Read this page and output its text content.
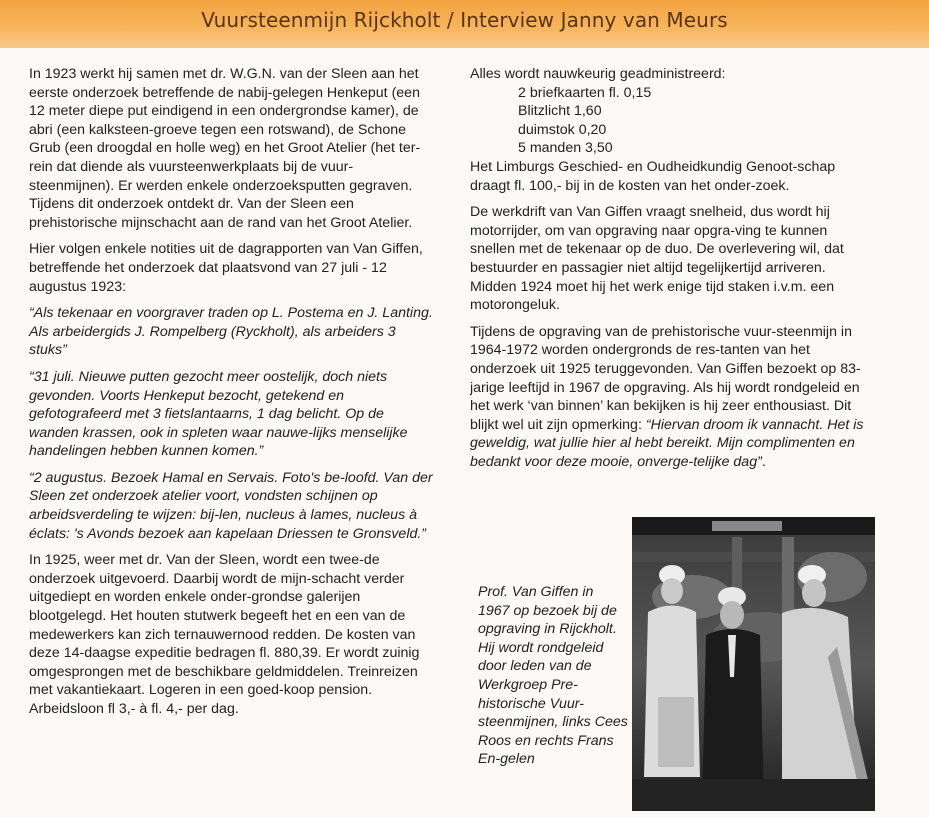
Vuursteenmijn Rijckholt / Interview Janny van Meurs

In 1923 werkt hij samen met dr. W.G.N. van der Sleen aan het eerste onderzoek betreffende de nabij-gelegen Henkeput (een 12 meter diepe put eindigend in een ondergrondse kamer), de abri (een kalksteen-groeve tegen een rotswand), de Schone Grub (een droogdal en holle weg) en het Groot Atelier (het ter-rein dat diende als vuursteenwerkplaats bij de vuur-steenmijnen). Er werden enkele onderzoeksputten gegraven. Tijdens dit onderzoek ontdekt dr. Van der Sleen een prehistorische mijnschacht aan de rand van het Groot Atelier.

Hier volgen enkele notities uit de dagrapporten van Van Giffen, betreffende het onderzoek dat plaatsvond van 27 juli - 12 augustus 1923:

“Als tekenaar en voorgraver traden op L. Postema en J. Lanting. Als arbeidergids J. Rompelberg (Ryckholt), als arbeiders 3 stuks”

“31 juli. Nieuwe putten gezocht meer oostelijk, doch niets gevonden. Voorts Henkeput bezocht, getekend en gefotografeerd met 3 fietslantaarns, 1 dag belicht. Op de wanden krassen, ook in spleten waar nauwe-lijks menselijke handelingen hebben kunnen komen.”

“2 augustus. Bezoek Hamal en Servais. Foto's be-loofd. Van der Sleen zet onderzoek atelier voort, vondsten schijnen op arbeidsverdeling te wijzen: bij-len, nucleus à lames, nucleus à éclats: 's Avonds bezoek aan kapelaan Driessen te Gronsveld.”

In 1925, weer met dr. Van der Sleen, wordt een twee-de onderzoek uitgevoerd. Daarbij wordt de mijn-schacht verder uitgediept en worden enkele onder-grondse galerijen blootgelegd. Het houten stutwerk begeeft het en een van de medewerkers kan zich ternauwernood redden. De kosten van deze 14-daagse expeditie bedragen fl. 880,39. Er wordt zuinig omgesprongen met de beschikbare geldmiddelen. Treinreizen met vakantiekaart. Logeren in een goed-koop pension. Arbeidsloon fl 3,- à fl. 4,- per dag.

Alles wordt nauwkeurig geadministreerd:

2 briefkaarten fl. 0,15
Blitzlicht 1,60
duimstok 0,20
5 manden 3,50

Het Limburgs Geschied- en Oudheidkundig Genoot-schap draagt fl. 100,- bij in de kosten van het onder-zoek.

De werkdrift van Van Giffen vraagt snelheid, dus wordt hij motorrijder, om van opgraving naar opgra-ving te kunnen snellen met de tekenaar op de duo. De overlevering wil, dat bestuurder en passagier niet altijd tegelijkertijd arriveren. Midden 1924 moet hij het werk enige tijd staken i.v.m. een motorongeluk.

Tijdens de opgraving van de prehistorische vuur-steenmijn in 1964-1972 worden ondergronds de res-tanten van het onderzoek uit 1925 teruggevonden. Van Giffen bezoekt op 83-jarige leeftijd in 1967 de opgraving. Als hij wordt rondgeleid en het werk ‘van binnen’ kan bekijken is hij zeer enthousiast. Dit blijkt wel uit zijn opmerking: “Hiervan droom ik vannacht. Het is geweldig, wat jullie hier al hebt bereikt. Mijn complimenten en bedankt voor deze mooie, onverge-telijke dag”.

Prof. Van Giffen in 1967 op bezoek bij de opgraving in Rijckholt. Hij wordt rondgeleid door leden van de Werkgroep Pre-historische Vuur-steenmijnen, links Cees Roos en rechts Frans En-gelen
